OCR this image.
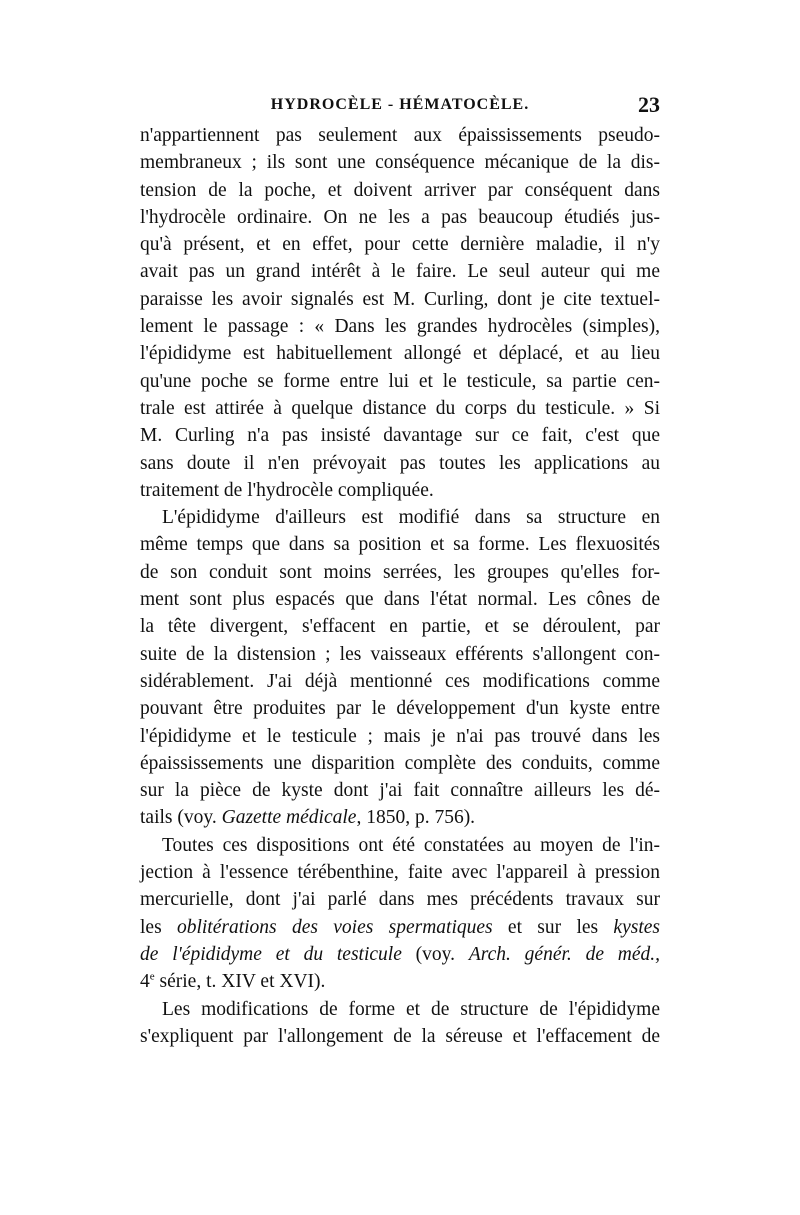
HYDROCÈLE - HÉMATOCÈLE.	23
n'appartiennent pas seulement aux épaississements pseudo-
membraneux ; ils sont une conséquence mécanique de la dis-
tension de la poche, et doivent arriver par conséquent dans
l'hydrocèle ordinaire. On ne les a pas beaucoup étudiés jus-
qu'à présent, et en effet, pour cette dernière maladie, il n'y
avait pas un grand intérêt à le faire. Le seul auteur qui me
paraisse les avoir signalés est M. Curling, dont je cite textuel-
lement le passage : « Dans les grandes hydrocèles (simples),
l'épididyme est habituellement allongé et déplacé, et au lieu
qu'une poche se forme entre lui et le testicule, sa partie cen-
trale est attirée à quelque distance du corps du testicule. » Si
M. Curling n'a pas insisté davantage sur ce fait, c'est que
sans doute il n'en prévoyait pas toutes les applications au
traitement de l'hydrocèle compliquée.
L'épididyme d'ailleurs est modifié dans sa structure en
même temps que dans sa position et sa forme. Les flexuosités
de son conduit sont moins serrées, les groupes qu'elles for-
ment sont plus espacés que dans l'état normal. Les cônes de
la tête divergent, s'effacent en partie, et se déroulent, par
suite de la distension ; les vaisseaux efférents s'allongent con-
sidérablement. J'ai déjà mentionné ces modifications comme
pouvant être produites par le développement d'un kyste entre
l'épididyme et le testicule ; mais je n'ai pas trouvé dans les
épaississements une disparition complète des conduits, comme
sur la pièce de kyste dont j'ai fait connaître ailleurs les dé-
tails (voy. Gazette médicale, 1850, p. 756).
Toutes ces dispositions ont été constatées au moyen de l'in-
jection à l'essence térébenthine, faite avec l'appareil à pression
mercurielle, dont j'ai parlé dans mes précédents travaux sur
les oblitérations des voies spermatiques et sur les kystes
de l'épididyme et du testicule (voy. Arch. génér. de méd.,
4e série, t. XIV et XVI).
Les modifications de forme et de structure de l'épididyme
s'expliquent par l'allongement de la séreuse et l'effacement de
